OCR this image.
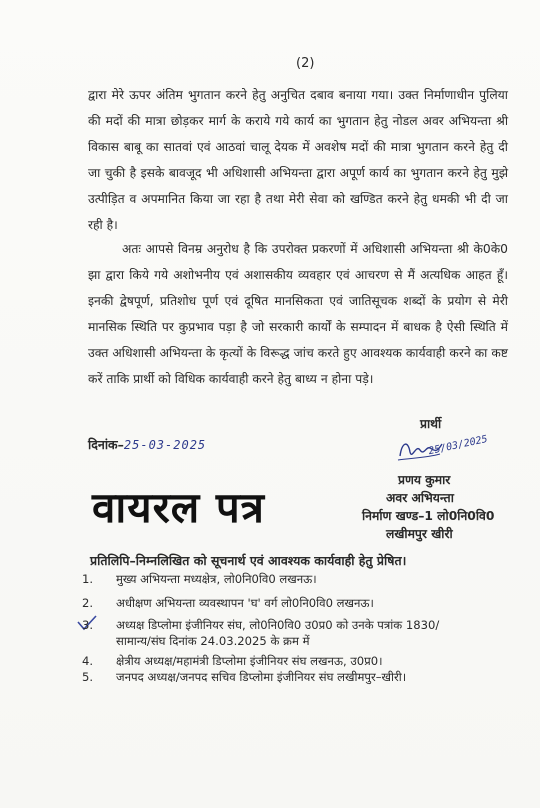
(2)
द्वारा मेरे ऊपर अंतिम भुगतान करने हेतु अनुचित दबाव बनाया गया। उक्त निर्माणाधीन पुलिया की मदों की मात्रा छोड़कर मार्ग के कराये गये कार्य का भुगतान हेतु नोडल अवर अभियन्ता श्री विकास बाबू का सातवां एवं आठवां चालू देयक में अवशेष मदों की मात्रा भुगतान करने हेतु दी जा चुकी है इसके बावजूद भी अधिशासी अभियन्ता द्वारा अपूर्ण कार्य का भुगतान करने हेतु मुझे उत्पीड़ित व अपमानित किया जा रहा है तथा मेरी सेवा को खण्डित करने हेतु धमकी भी दी जा रही है।
अतः आपसे विनम्र अनुरोध है कि उपरोक्त प्रकरणों में अधिशासी अभियन्ता श्री के0के0 झा द्वारा किये गये अशोभनीय एवं अशासकीय व्यवहार एवं आचरण से मैं अत्यधिक आहत हूँ। इनकी द्वेषपूर्ण, प्रतिशोध पूर्ण एवं दूषित मानसिकता एवं जातिसूचक शब्दों के प्रयोग से मेरी मानसिक स्थिति पर कुप्रभाव पड़ा है जो सरकारी कार्यों के सम्पादन में बाधक है ऐसी स्थिति में उक्त अधिशासी अभियन्ता के कृत्यों के विरूद्ध जांच करते हुए आवश्यक कार्यवाही करने का कष्ट करें ताकि प्रार्थी को विधिक कार्यवाही करने हेतु बाध्य न होना पड़े।
दिनांक–25-03-2025	25/03/2025
प्रार्थी
प्रणय कुमार
अवर अभियन्ता
निर्माण खण्ड–1 लो0नि0वि0
लखीमपुर खीरी
वायरल पत्र
प्रतिलिपि–निम्नलिखित को सूचनार्थ एवं आवश्यक कार्यवाही हेतु प्रेषित।
1.	मुख्य अभियन्ता मध्यक्षेत्र, लो0नि0वि0 लखनऊ।
2.	अधीक्षण अभियन्ता व्यवस्थापन 'घ' वर्ग लो0नि0वि0 लखनऊ।
3.	अध्यक्ष डिप्लोमा इंजीनियर संघ, लो0नि0वि0 उ0प्र0 को उनके पत्रांक 1830/
सामान्य/संघ दिनांक 24.03.2025 के क्रम में
4.	क्षेत्रीय अध्यक्ष/महामंत्री डिप्लोमा इंजीनियर संघ लखनऊ, उ0प्र0।
5.	जनपद अध्यक्ष/जनपद सचिव डिप्लोमा इंजीनियर संघ लखीमपुर–खीरी।
